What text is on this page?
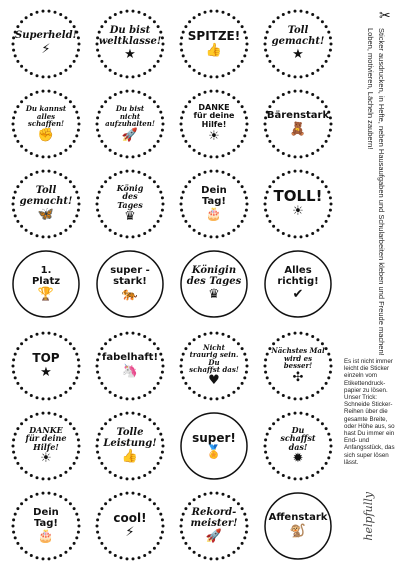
Superheld!
⚡
Du bist
weltklasse!
★
SPITZE!
👍
Toll
gemacht!
★
Du kannst
alles
schaffen!
✊
Du bist
nicht
aufzuhalten!
🚀
DANKE
für deine
Hilfe!
☀
Bärenstark
🧸
Toll
gemacht!
🦋
König
des
Tages
♛
Dein
Tag!
🎂
TOLL!
☀
1.
Platz
🏆
super -
stark!
🐅
Königin
des Tages
♛
Alles
richtig!
✔
TOP
★
fabelhaft!
🦄
Nicht
traurig sein.
Du
schaffst das!
♥
Nächstes Mal
wird es
besser!
✣
DANKE
für deine
Hilfe!
☀
Tolle
Leistung!
👍
super!
🏅
Du
schaffst
das!
✹
Dein
Tag!
🎂
cool!
⚡
Rekord-
meister!
🚀
Affenstark
🐒
✂
Sticker ausdrucken, in Hefte, neben Hausaufgaben und Schularbeiten kleben und Freude machen!
Loben, motivieren, Lächeln zaubern!
Es ist nicht immer leicht die Sticker einzeln vom Etikettendruck-papier zu lösen. Unser Trick: Schneide Sticker-Reihen über die gesamte Breite, oder Höhe aus, so hast Du immer ein End- und Anfangsstück, das sich super lösen lässt.
helpfully
